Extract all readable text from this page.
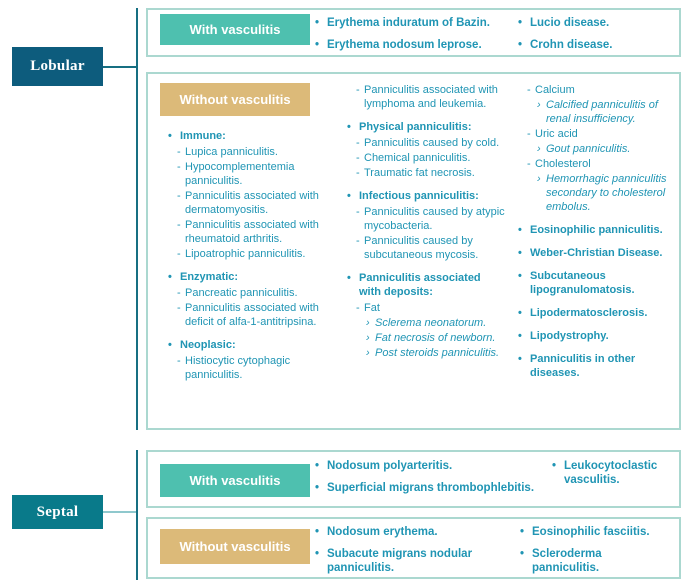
Lobular
With vasculitis	• Erythema induratum of Bazin.
• Erythema nodosum leprose.
• Lucio disease.
• Crohn disease.
Without vasculitis
• Immune:
- Lupica panniculitis.
- Hypocomplementemia panniculitis.
- Panniculitis associated with dermatomyositis.
- Panniculitis associated with rheumatoid arthritis.
- Lipoatrophic panniculitis.
• Enzymatic:
- Pancreatic panniculitis.
- Panniculitis associated with deficit of alfa-1-antitripsina.
• Neoplasic:
- Histiocytic cytophagic panniculitis.
- Panniculitis associated with lymphoma and leukemia.
• Physical panniculitis:
- Panniculitis caused by cold.
- Chemical panniculitis.
- Traumatic fat necrosis.
• Infectious panniculitis:
- Panniculitis caused by atypic mycobacteria.
- Panniculitis caused by subcutaneous mycosis.
• Panniculitis associated with deposits:
- Fat
› Sclerema neonatorum.
› Fat necrosis of newborn.
› Post steroids panniculitis.
- Calcium
› Calcified panniculitis of renal insufficiency.
- Uric acid
› Gout panniculitis.
- Cholesterol
› Hemorrhagic panniculitis secondary to cholesterol embolus.
• Eosinophilic panniculitis.
• Weber-Christian Disease.
• Subcutaneous lipogranulomatosis.
• Lipodermatosclerosis.
• Lipodystrophy.
• Panniculitis in other diseases.
Septal
With vasculitis
• Nodosum polyarteritis.
• Superficial migrans thrombophlebitis.
• Leukocytoclastic vasculitis.
Without vasculitis
• Nodosum erythema.
• Subacute migrans nodular panniculitis.
• Eosinophilic fasciitis.
• Scleroderma panniculitis.
